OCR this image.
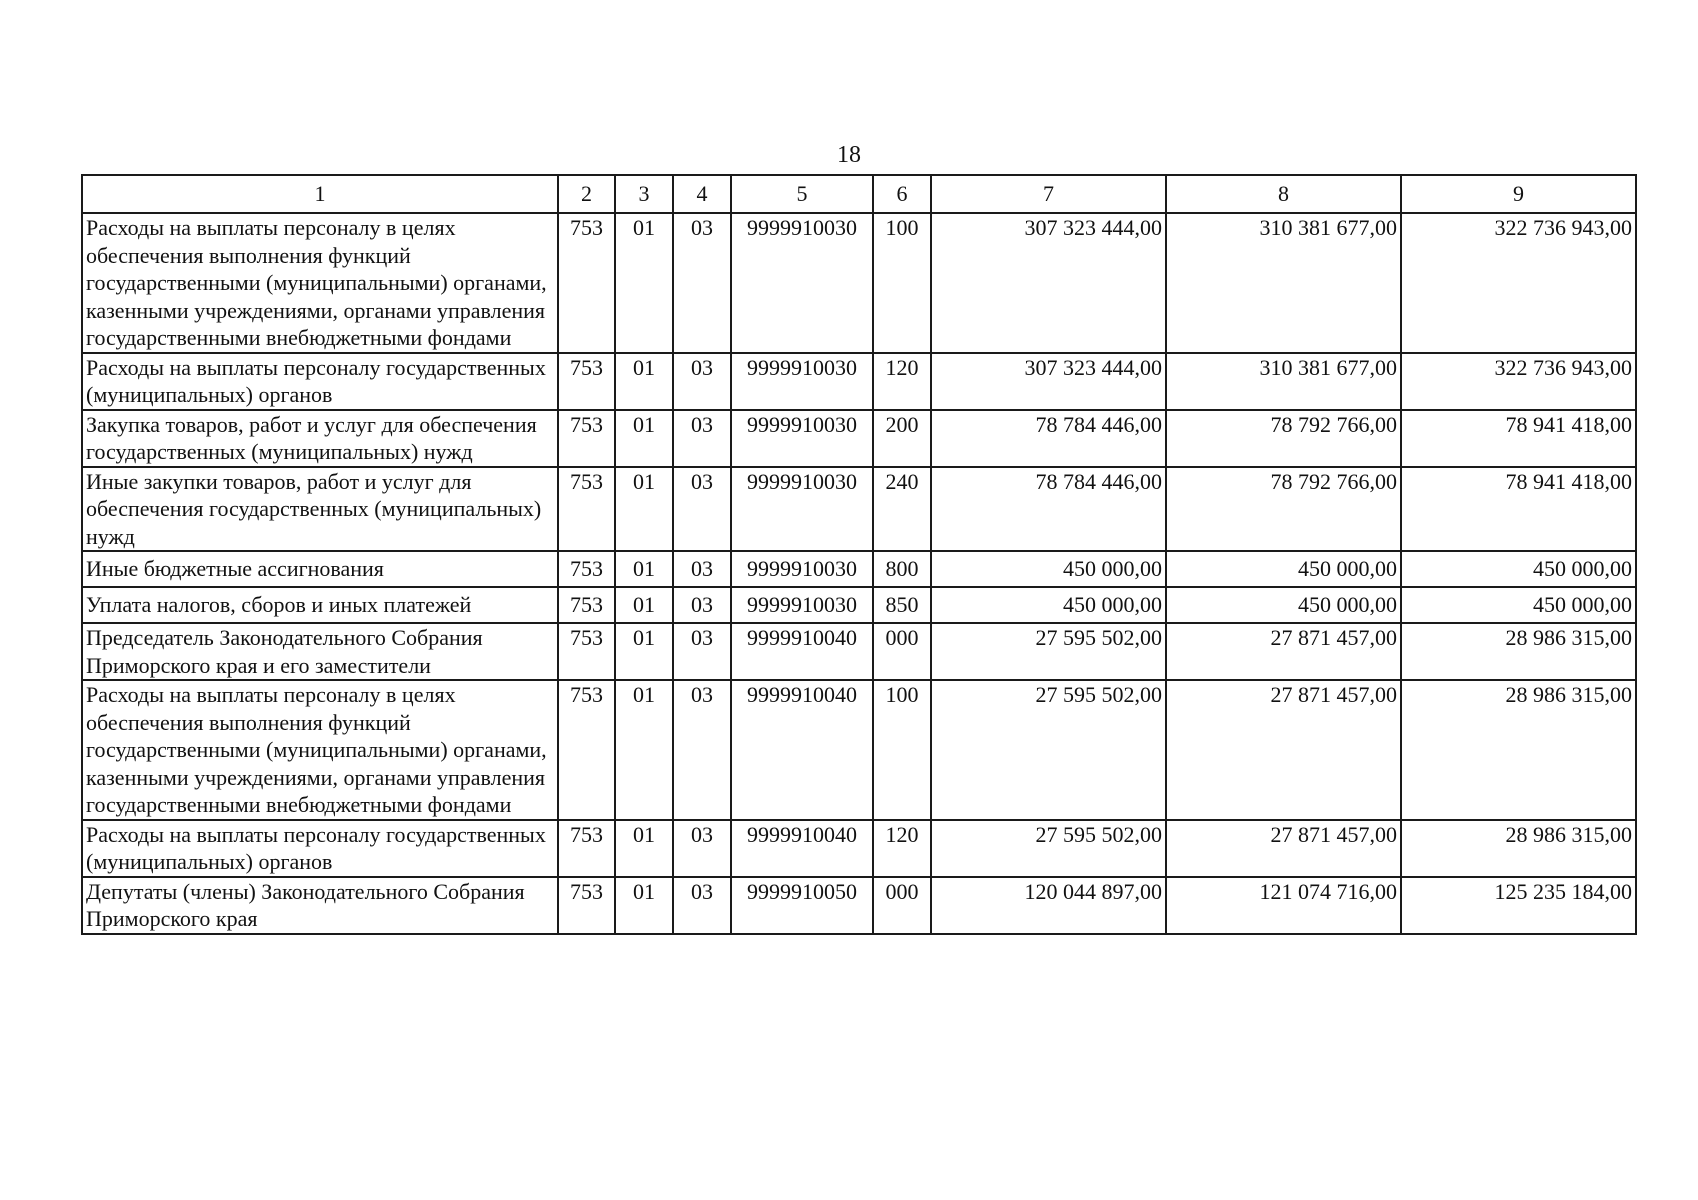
18
1	2	3	4	5	6	7	8	9
Расходы на выплаты персоналу в целях обеспечения выполнения функций государственными (муниципальными) органами, казенными учреждениями, органами управления государственными внебюджетными фондами	753	01	03	9999910030	100	307 323 444,00	310 381 677,00	322 736 943,00
Расходы на выплаты персоналу государственных (муниципальных) органов	753	01	03	9999910030	120	307 323 444,00	310 381 677,00	322 736 943,00
Закупка товаров, работ и услуг для обеспечения государственных (муниципальных) нужд	753	01	03	9999910030	200	78 784 446,00	78 792 766,00	78 941 418,00
Иные закупки товаров, работ и услуг для обеспечения государственных (муниципальных) нужд	753	01	03	9999910030	240	78 784 446,00	78 792 766,00	78 941 418,00
Иные бюджетные ассигнования	753	01	03	9999910030	800	450 000,00	450 000,00	450 000,00
Уплата налогов, сборов и иных платежей	753	01	03	9999910030	850	450 000,00	450 000,00	450 000,00
Председатель Законодательного Собрания Приморского края и его заместители	753	01	03	9999910040	000	27 595 502,00	27 871 457,00	28 986 315,00
Расходы на выплаты персоналу в целях обеспечения выполнения функций государственными (муниципальными) органами, казенными учреждениями, органами управления государственными внебюджетными фондами	753	01	03	9999910040	100	27 595 502,00	27 871 457,00	28 986 315,00
Расходы на выплаты персоналу государственных (муниципальных) органов	753	01	03	9999910040	120	27 595 502,00	27 871 457,00	28 986 315,00
Депутаты (члены) Законодательного Собрания Приморского края	753	01	03	9999910050	000	120 044 897,00	121 074 716,00	125 235 184,00
